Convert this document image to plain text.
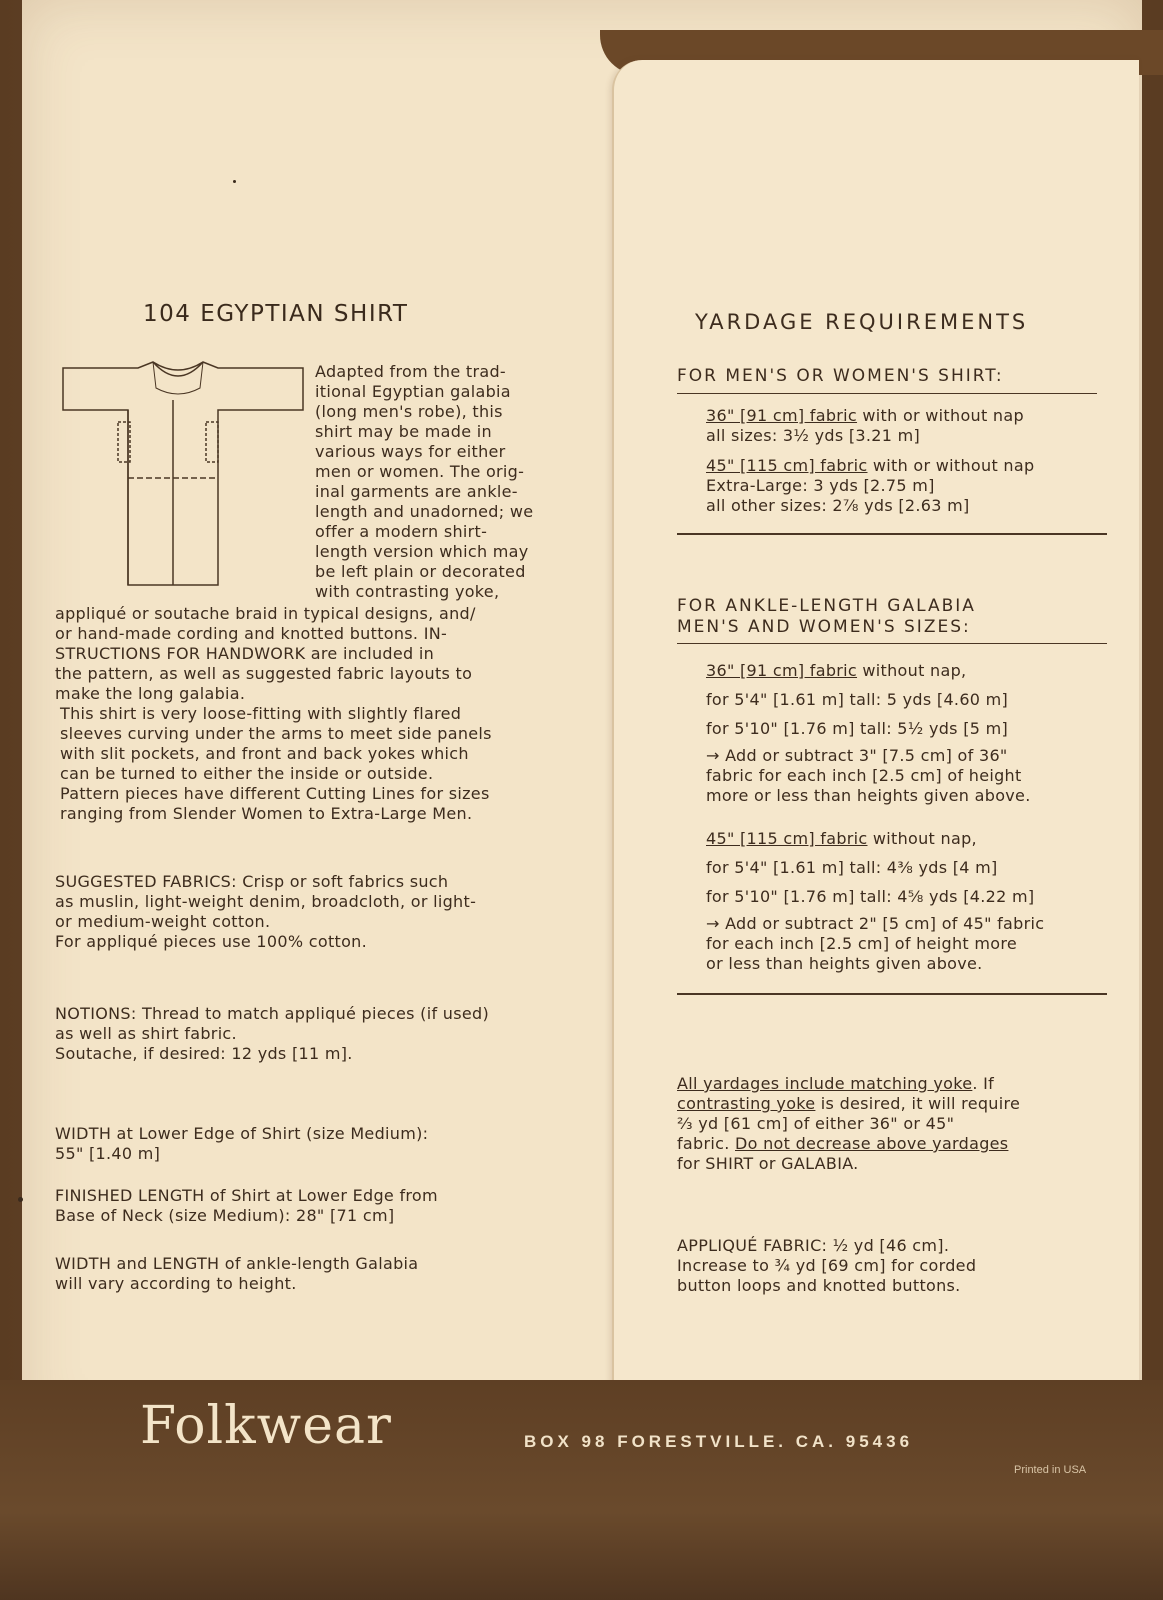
104 EGYPTIAN SHIRT
Adapted from the trad-
itional Egyptian galabia
(long men's robe), this
shirt may be made in
various ways for either
men or women. The orig-
inal garments are ankle-
length and unadorned; we
offer a modern shirt-
length version which may
be left plain or decorated
with contrasting yoke,
appliqué or soutache braid in typical designs, and/
or hand-made cording and knotted buttons. IN-
STRUCTIONS FOR HANDWORK are included in
the pattern, as well as suggested fabric layouts to
make the long galabia.
This shirt is very loose-fitting with slightly flared
sleeves curving under the arms to meet side panels
with slit pockets, and front and back yokes which
can be turned to either the inside or outside.
Pattern pieces have different Cutting Lines for sizes
ranging from Slender Women to Extra-Large Men.
SUGGESTED FABRICS: Crisp or soft fabrics such
as muslin, light-weight denim, broadcloth, or light-
or medium-weight cotton.
For appliqué pieces use 100% cotton.
NOTIONS: Thread to match appliqué pieces (if used)
as well as shirt fabric.
Soutache, if desired: 12 yds [11 m].
WIDTH at Lower Edge of Shirt (size Medium):
55" [1.40 m]
FINISHED LENGTH of Shirt at Lower Edge from
Base of Neck (size Medium): 28" [71 cm]
WIDTH and LENGTH of ankle-length Galabia
will vary according to height.
YARDAGE REQUIREMENTS
FOR MEN'S OR WOMEN'S SHIRT:
36" [91 cm] fabric with or without nap
all sizes: 3½ yds [3.21 m]
45" [115 cm] fabric with or without nap
Extra-Large: 3 yds [2.75 m]
all other sizes: 2⅞ yds [2.63 m]
FOR ANKLE-LENGTH GALABIA
MEN'S AND WOMEN'S SIZES:
36" [91 cm] fabric without nap,
for 5'4" [1.61 m] tall: 5 yds [4.60 m]
for 5'10" [1.76 m] tall: 5½ yds [5 m]
→ Add or subtract 3" [7.5 cm] of 36"
fabric for each inch [2.5 cm] of height
more or less than heights given above.
45" [115 cm] fabric without nap,
for 5'4" [1.61 m] tall: 4⅜ yds [4 m]
for 5'10" [1.76 m] tall: 4⅝ yds [4.22 m]
→ Add or subtract 2" [5 cm] of 45" fabric
for each inch [2.5 cm] of height more
or less than heights given above.
All yardages include matching yoke. If
contrasting yoke is desired, it will require
⅔ yd [61 cm] of either 36" or 45"
fabric. Do not decrease above yardages
for SHIRT or GALABIA.
APPLIQUÉ FABRIC: ½ yd [46 cm].
Increase to ¾ yd [69 cm] for corded
button loops and knotted buttons.
Folkwear	BOX 98 FORESTVILLE. CA. 95436
Printed in USA
